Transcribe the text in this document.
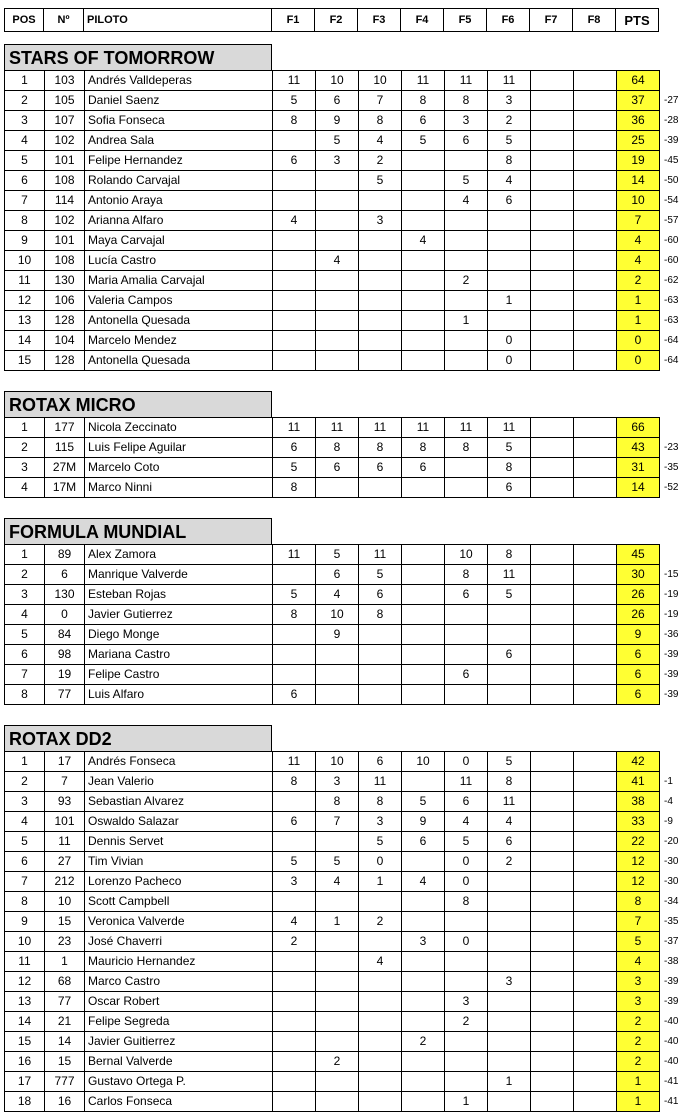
POS	Nº	PILOTO	F1	F2	F3	F4	F5	F6	F7	F8	PTS
STARS OF TOMORROW
1	103	Andrés Valldeperas	11	10	10	11	11	11			64	
2	105	Daniel Saenz	5	6	7	8	8	3			37	-27
3	107	Sofia Fonseca	8	9	8	6	3	2			36	-28
4	102	Andrea Sala		5	4	5	6	5			25	-39
5	101	Felipe Hernandez	6	3	2			8			19	-45
6	108	Rolando Carvajal			5		5	4			14	-50
7	114	Antonio Araya					4	6			10	-54
8	102	Arianna Alfaro	4		3						7	-57
9	101	Maya Carvajal				4					4	-60
10	108	Lucía Castro		4							4	-60
11	130	Maria Amalia Carvajal					2				2	-62
12	106	Valeria Campos						1			1	-63
13	128	Antonella Quesada					1				1	-63
14	104	Marcelo Mendez						0			0	-64
15	128	Antonella Quesada						0			0	-64
ROTAX MICRO
1	177	Nicola Zeccinato	11	11	11	11	11	11			66	
2	115	Luis Felipe Aguilar	6	8	8	8	8	5			43	-23
3	27M	Marcelo Coto	5	6	6	6		8			31	-35
4	17M	Marco Ninni	8					6			14	-52
FORMULA MUNDIAL
1	89	Alex Zamora	11	5	11		10	8			45	
2	6	Manrique Valverde		6	5		8	11			30	-15
3	130	Esteban Rojas	5	4	6		6	5			26	-19
4	0	Javier Gutierrez	8	10	8						26	-19
5	84	Diego Monge		9							9	-36
6	98	Mariana Castro						6			6	-39
7	19	Felipe Castro					6				6	-39
8	77	Luis Alfaro	6								6	-39
ROTAX DD2
1	17	Andrés Fonseca	11	10	6	10	0	5			42	
2	7	Jean Valerio	8	3	11		11	8			41	-1
3	93	Sebastian Alvarez		8	8	5	6	11			38	-4
4	101	Oswaldo Salazar	6	7	3	9	4	4			33	-9
5	11	Dennis Servet			5	6	5	6			22	-20
6	27	Tim Vivian	5	5	0		0	2			12	-30
7	212	Lorenzo Pacheco	3	4	1	4	0				12	-30
8	10	Scott Campbell					8				8	-34
9	15	Veronica Valverde	4	1	2						7	-35
10	23	José Chaverri	2			3	0				5	-37
11	1	Mauricio Hernandez			4						4	-38
12	68	Marco Castro						3			3	-39
13	77	Oscar Robert					3				3	-39
14	21	Felipe Segreda					2				2	-40
15	14	Javier Guitierrez				2					2	-40
16	15	Bernal Valverde		2							2	-40
17	777	Gustavo Ortega P.						1			1	-41
18	16	Carlos Fonseca					1				1	-41
